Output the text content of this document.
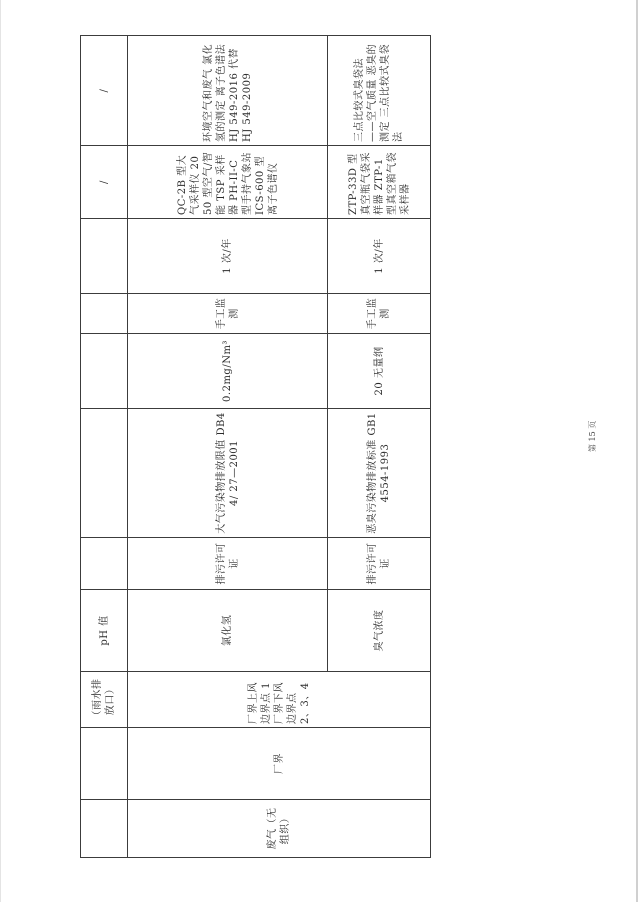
		（雨水排放口）	pH 值						/	/
废气（无组织）	厂界	厂界上风边界点 1 厂界下风边界点 2、3、4	氯化氢	排污许可证	大气污染物排放限值 DB44/ 27—2001	0.2mg/Nm³	手工监测	1 次/年	QC-2B 型大气采样仪 2050 型空气/智能 TSP 采样器 PH-II-C 型手持气象站 ICS-600 型离子色谱仪	环境空气和废气 氯化氢的测定 离子色谱法 HJ 549-2016 代替 HJ 549-2009
			臭气浓度	排污许可证	恶臭污染物排放标准 GB14554-1993	20 无量纲	手工监测	1 次/年	ZTP-33D 型真空瓶气袋采样器 ZTP-1 型真空箱气袋采样器	三点比较式臭袋法——空气质量 恶臭的测定 三点比较式臭袋法
第 15 页
